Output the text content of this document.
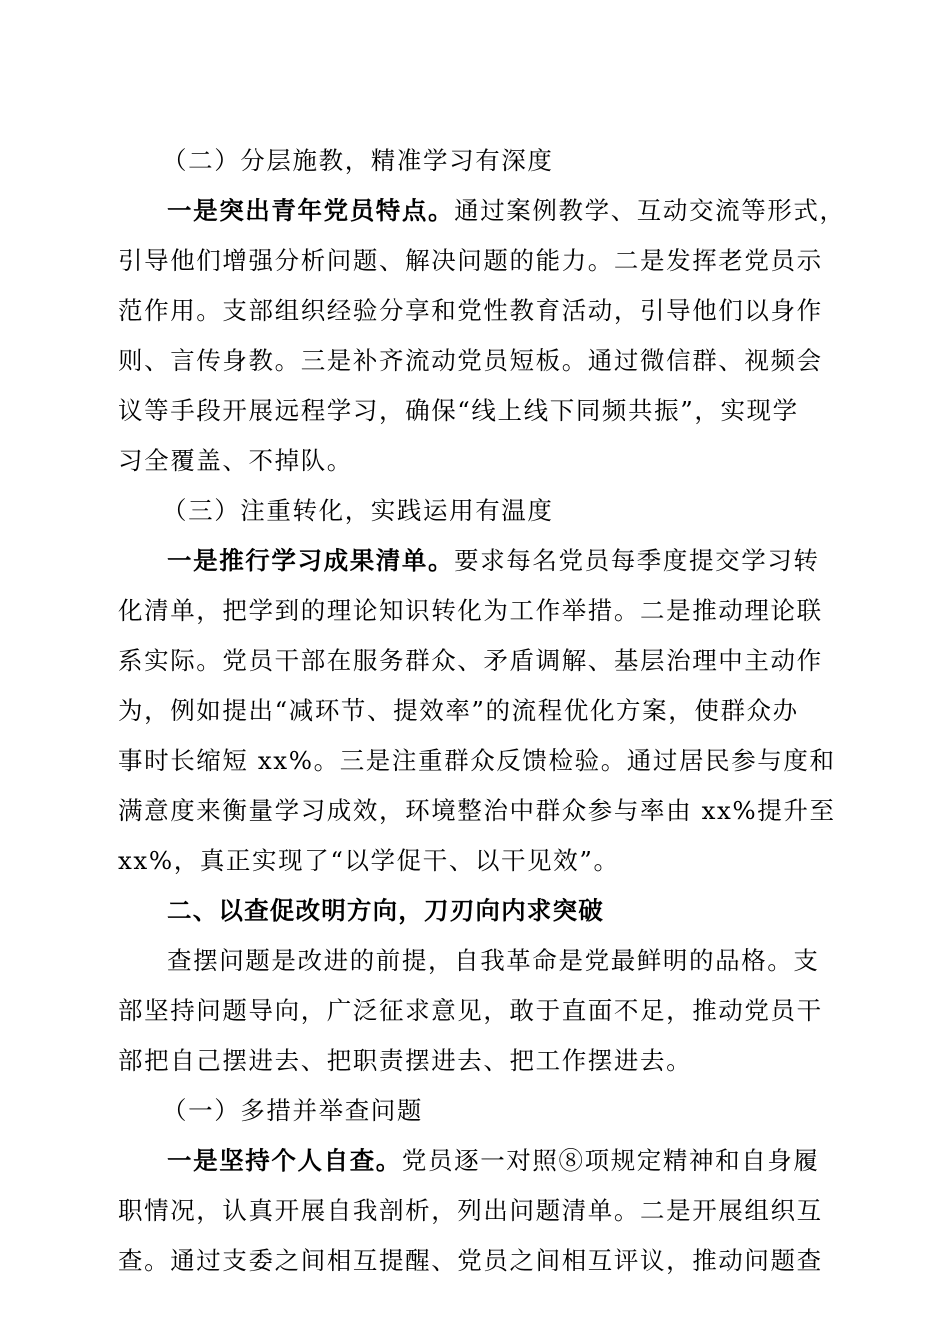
（二）分层施教，精准学习有深度
一是突出青年党员特点。通过案例教学、互动交流等形式，
引导他们增强分析问题、解决问题的能力。二是发挥老党员示
范作用。支部组织经验分享和党性教育活动，引导他们以身作
则、言传身教。三是补齐流动党员短板。通过微信群、视频会
议等手段开展远程学习，确保“线上线下同频共振”，实现学
习全覆盖、不掉队。
（三）注重转化，实践运用有温度
一是推行学习成果清单。要求每名党员每季度提交学习转
化清单，把学到的理论知识转化为工作举措。二是推动理论联
系实际。党员干部在服务群众、矛盾调解、基层治理中主动作
为，例如提出“减环节、提效率”的流程优化方案，使群众办
事时长缩短 xx%。三是注重群众反馈检验。通过居民参与度和
满意度来衡量学习成效，环境整治中群众参与率由 xx%提升至
xx%，真正实现了“以学促干、以干见效”。
二、以查促改明方向，刀刃向内求突破
查摆问题是改进的前提，自我革命是党最鲜明的品格。支
部坚持问题导向，广泛征求意见，敢于直面不足，推动党员干
部把自己摆进去、把职责摆进去、把工作摆进去。
（一）多措并举查问题
一是坚持个人自查。党员逐一对照⑧项规定精神和自身履
职情况，认真开展自我剖析，列出问题清单。二是开展组织互
查。通过支委之间相互提醒、党员之间相互评议，推动问题查
